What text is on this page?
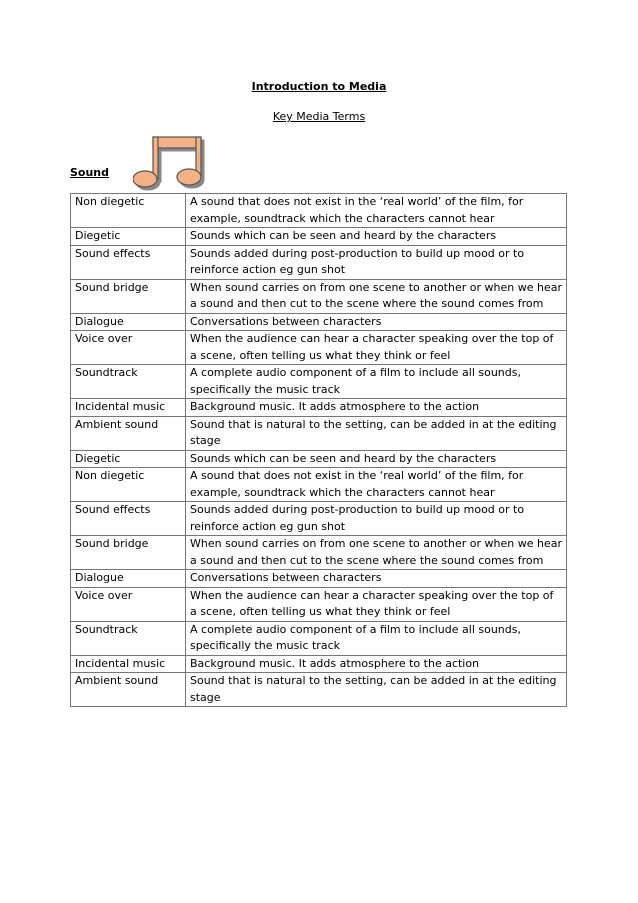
Introduction to Media
Key Media Terms
Sound
Non diegetic	A sound that does not exist in the ‘real world’ of the film, for example, soundtrack which the characters cannot hear
Diegetic	Sounds which can be seen and heard by the characters
Sound effects	Sounds added during post-production to build up mood or to reinforce action eg gun shot
Sound bridge	When sound carries on from one scene to another or when we hear a sound and then cut to the scene where the sound comes from
Dialogue	Conversations between characters
Voice over	When the audience can hear a character speaking over the top of a scene, often telling us what they think or feel
Soundtrack	A complete audio component of a film to include all sounds, specifically the music track
Incidental music	Background music. It adds atmosphere to the action
Ambient sound	Sound that is natural to the setting, can be added in at the editing stage
Diegetic	Sounds which can be seen and heard by the characters
Non diegetic	A sound that does not exist in the ‘real world’ of the film, for example, soundtrack which the characters cannot hear
Sound effects	Sounds added during post-production to build up mood or to reinforce action eg gun shot
Sound bridge	When sound carries on from one scene to another or when we hear a sound and then cut to the scene where the sound comes from
Dialogue	Conversations between characters
Voice over	When the audience can hear a character speaking over the top of a scene, often telling us what they think or feel
Soundtrack	A complete audio component of a film to include all sounds, specifically the music track
Incidental music	Background music. It adds atmosphere to the action
Ambient sound	Sound that is natural to the setting, can be added in at the editing stage
